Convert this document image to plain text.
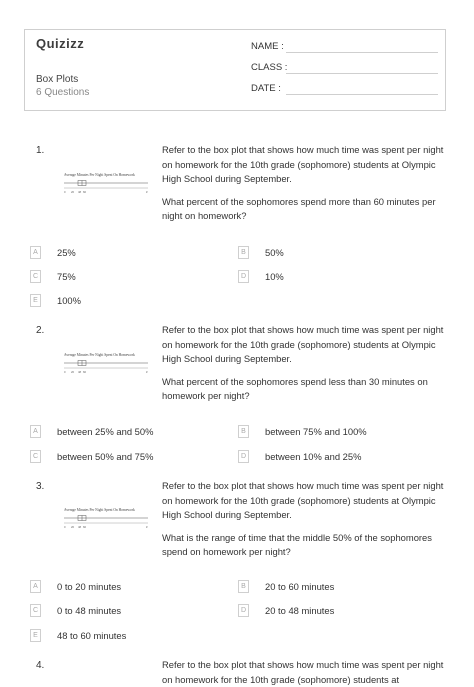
Quizizz
Box Plots
6 Questions
NAME :
CLASS :
DATE :
1.	Refer to the box plot that shows how much time was spent per night on homework for the 10th grade (sophomore) students at Olympic High School during September.

What percent of the sophomores spend more than 60 minutes per night on homework?

Average Minutes Per Night Spent On Homework
0 20 48 60	#
A	25%	B	50%
C	75%	D	10%
E	100%
2.	Refer to the box plot that shows how much time was spent per night on homework for the 10th grade (sophomore) students at Olympic High School during September.

What percent of the sophomores spend less than 30 minutes on homework per night?

Average Minutes Per Night Spent On Homework
0 20 48 60	#
A	between 25% and 50%	B	between 75% and 100%
C	between 50% and 75%	D	between 10% and 25%
3.	Refer to the box plot that shows how much time was spent per night on homework for the 10th grade (sophomore) students at Olympic High School during September.

What is the range of time that the middle 50% of the sophomores spend on homework per night?

Average Minutes Per Night Spent On Homework
0 20 48 60	#
A	0 to 20 minutes	B	20 to 60 minutes
C	0 to 48 minutes	D	20 to 48 minutes
E	48 to 60 minutes
4.	Refer to the box plot that shows how much time was spent per night on homework for the 10th grade (sophomore) students at
